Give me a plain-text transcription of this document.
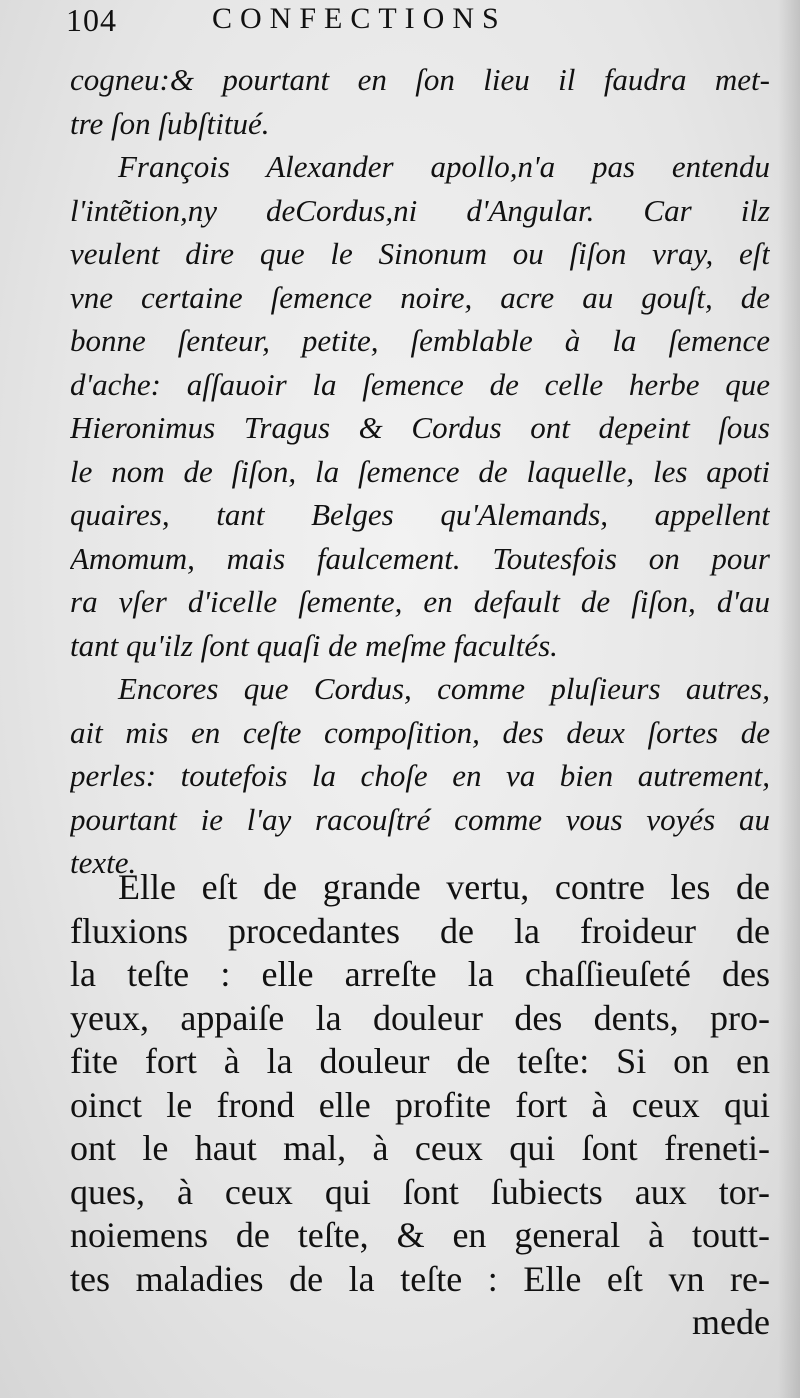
104	CONFECTIONS
cogneu:& pourtant en ſon lieu il faudra met-
tre ſon ſubſtitué.
François Alexander apollo,n'a pas entendu
l'intẽtion,ny deCordus,ni d'Angular. Car ilz
veulent dire que le Sinonum ou ſiſon vray, eſt
vne certaine ſemence noire, acre au gouſt, de
bonne ſenteur, petite, ſemblable à la ſemence
d'ache: aſſauoir la ſemence de celle herbe que
Hieronimus Tragus & Cordus ont depeint ſous
le nom de ſiſon, la ſemence de laquelle, les apoti
quaires, tant Belges qu'Alemands, appellent
Amomum, mais faulcement. Toutesfois on pour
ra vſer d'icelle ſemente, en default de ſiſon, d'au
tant qu'ilz ſont quaſi de meſme facultés.
Encores que Cordus, comme pluſieurs autres,
ait mis en ceſte compoſition, des deux ſortes de
perles: toutefois la choſe en va bien autrement,
pourtant ie l'ay racouſtré comme vous voyés au
texte.
Elle eſt de grande vertu, contre les de
fluxions procedantes de la froideur de
la teſte : elle arreſte la chaſſieuſeté des
yeux, appaiſe la douleur des dents, pro-
fite fort à la douleur de teſte: Si on en
oinct le frond elle profite fort à ceux qui
ont le haut mal, à ceux qui ſont freneti-
ques, à ceux qui ſont ſubiects aux tor-
noiemens de teſte, & en general à toutt-
tes maladies de la teſte : Elle eſt vn re-
mede
